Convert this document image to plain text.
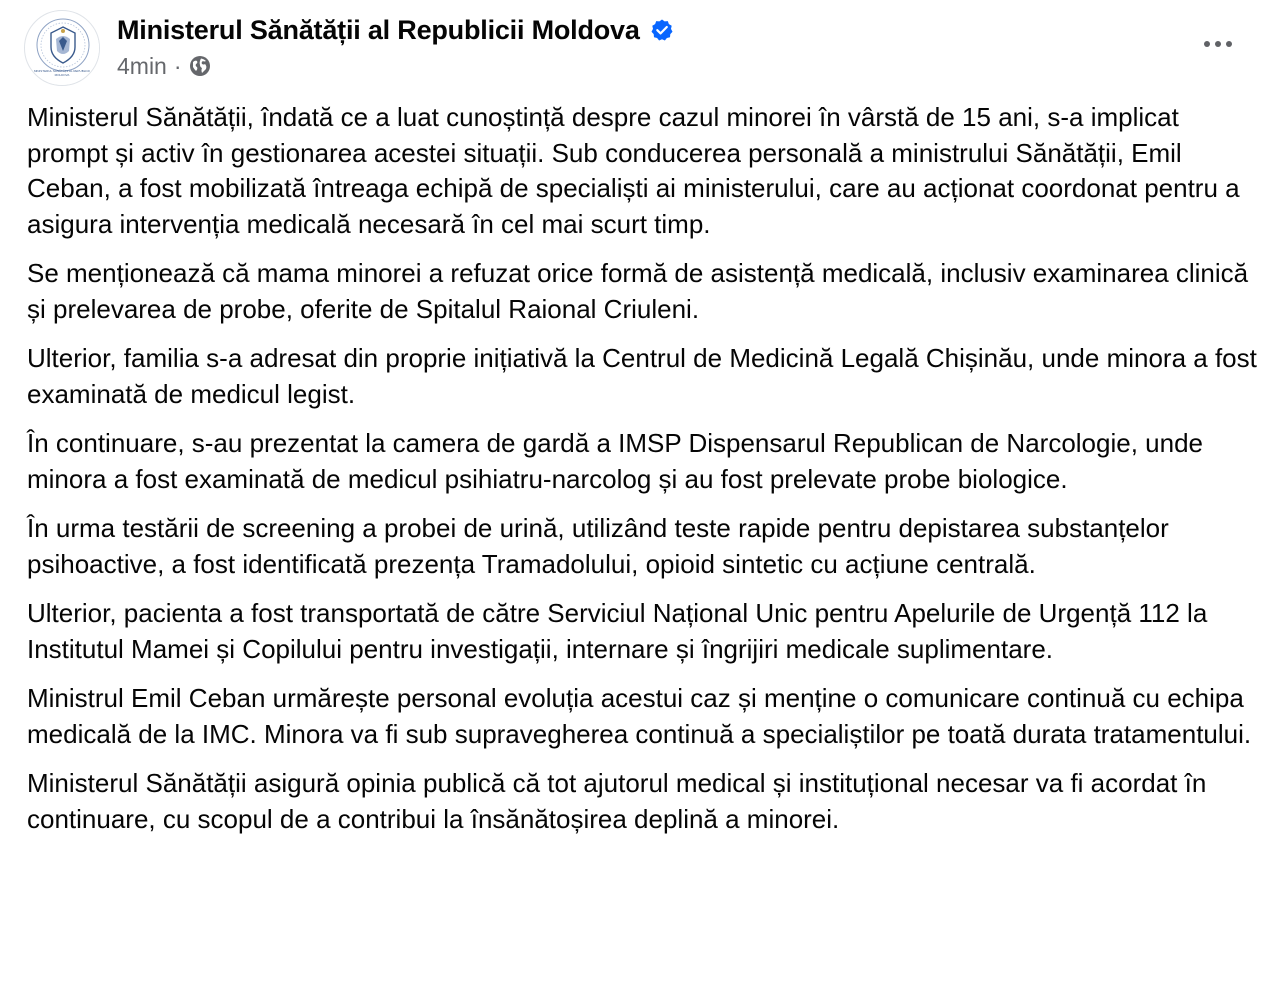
MINISTERUL SĂNĂTĂȚII AL REPUBLICII MOLDOVA
Ministerul Sănătății al Republicii Moldova
4min ·

Ministerul Sănătății, îndată ce a luat cunoștință despre cazul minorei în vârstă de 15 ani, s-a implicat prompt și activ în gestionarea acestei situații. Sub conducerea personală a ministrului Sănătății, Emil Ceban, a fost mobilizată întreaga echipă de specialiști ai ministerului, care au acționat coordonat pentru a asigura intervenția medicală necesară în cel mai scurt timp.

Se menționează că mama minorei a refuzat orice formă de asistență medicală, inclusiv examinarea clinică și prelevarea de probe, oferite de Spitalul Raional Criuleni.

Ulterior, familia s-a adresat din proprie inițiativă la Centrul de Medicină Legală Chișinău, unde minora a fost examinată de medicul legist.

În continuare, s-au prezentat la camera de gardă a IMSP Dispensarul Republican de Narcologie, unde minora a fost examinată de medicul psihiatru-narcolog și au fost prelevate probe biologice.

În urma testării de screening a probei de urină, utilizând teste rapide pentru depistarea substanțelor psihoactive, a fost identificată prezența Tramadolului, opioid sintetic cu acțiune centrală.

Ulterior, pacienta a fost transportată de către Serviciul Național Unic pentru Apelurile de Urgență 112 la Institutul Mamei și Copilului pentru investigații, internare și îngrijiri medicale suplimentare.

Ministrul Emil Ceban urmărește personal evoluția acestui caz și menține o comunicare continuă cu echipa medicală de la IMC. Minora va fi sub supravegherea continuă a specialiștilor pe toată durata tratamentului.

Ministerul Sănătății asigură opinia publică că tot ajutorul medical și instituțional necesar va fi acordat în continuare, cu scopul de a contribui la însănătoșirea deplină a minorei.
